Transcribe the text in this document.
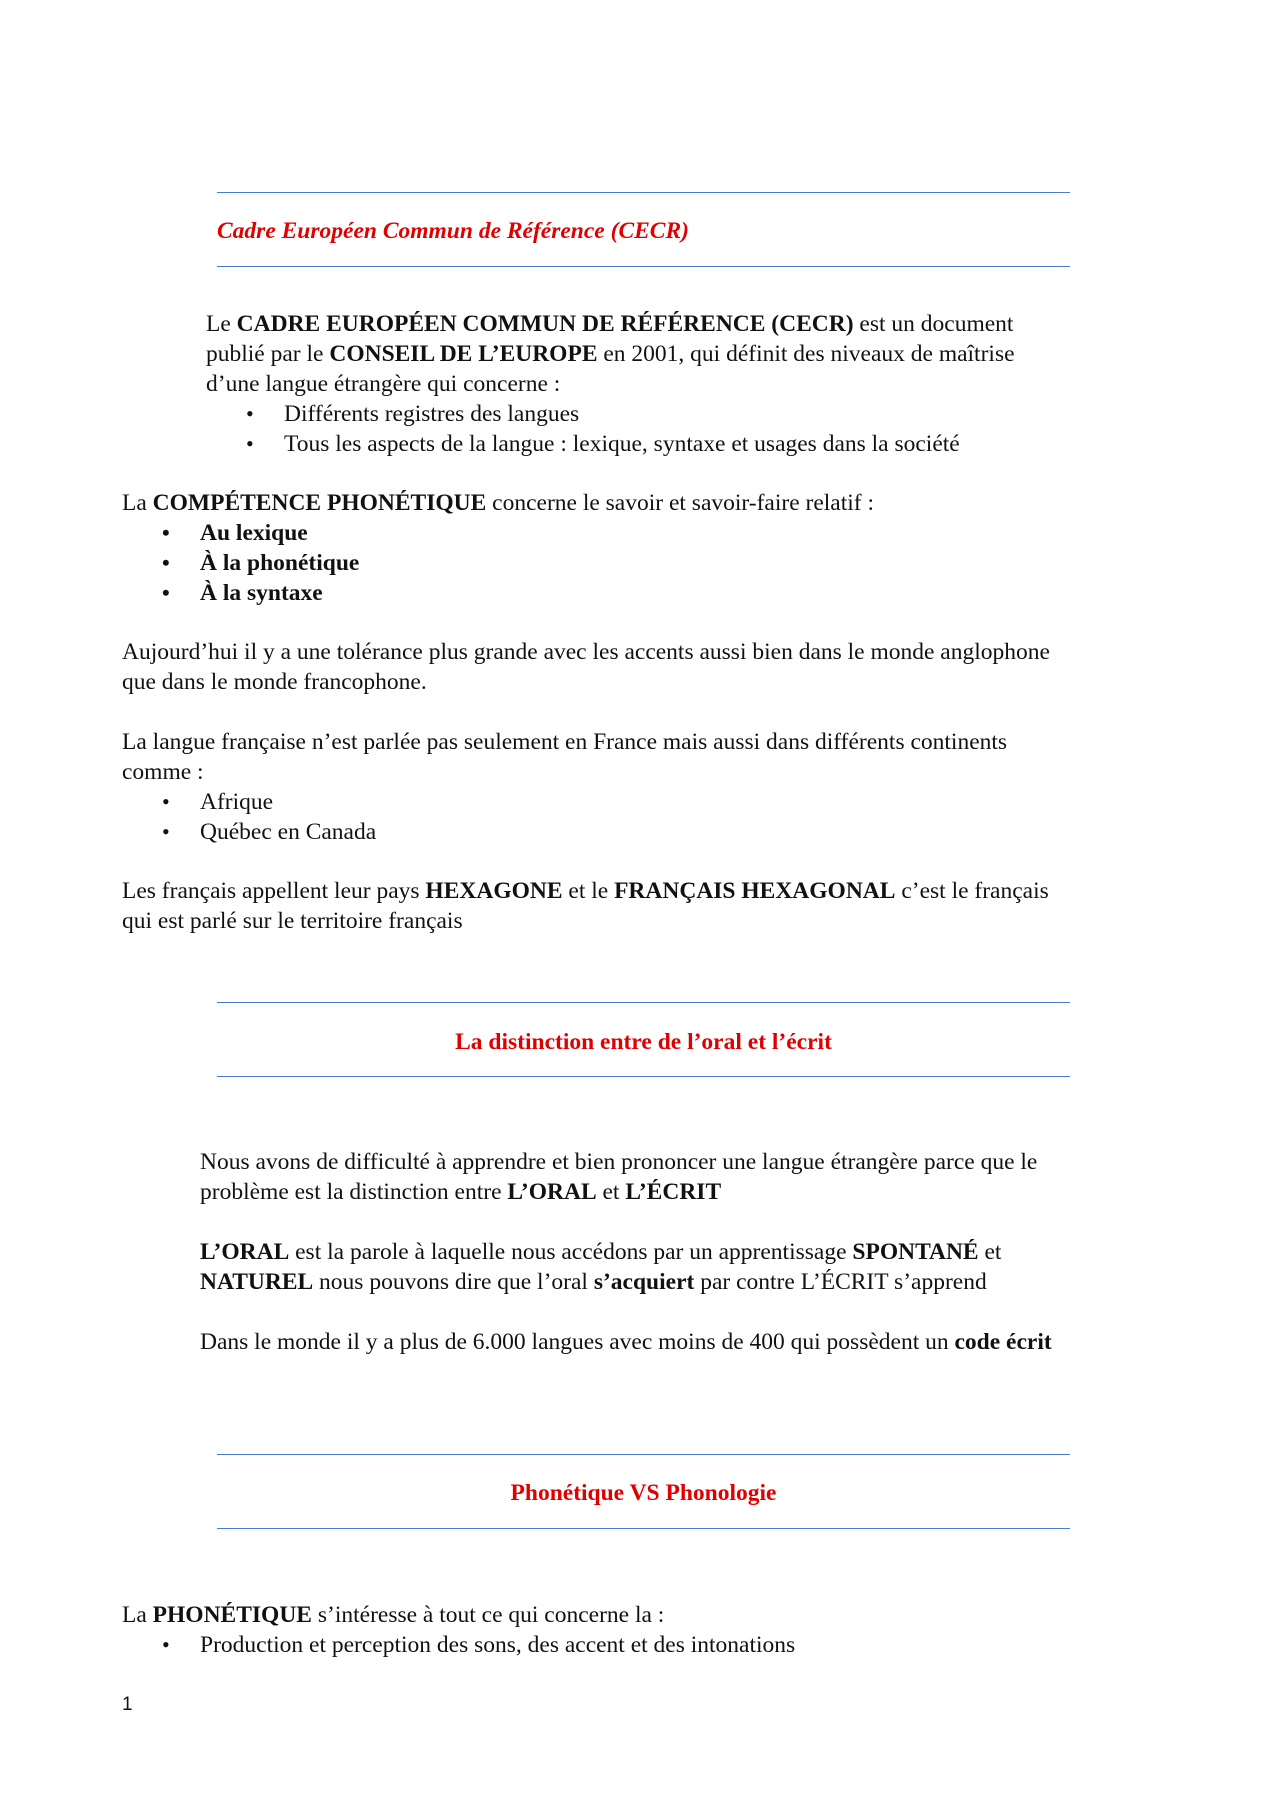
Cadre Européen Commun de Référence (CECR)

Le CADRE EUROPÉEN COMMUN DE RÉFÉRENCE (CECR) est un document

publié par le CONSEIL DE L’EUROPE en 2001, qui définit des niveaux de maîtrise

d’une langue étrangère qui concerne :

• Différents registres des langues
• Tous les aspects de la langue : lexique, syntaxe et usages dans la société

La COMPÉTENCE PHONÉTIQUE concerne le savoir et savoir-faire relatif :

• Au lexique
• À la phonétique
• À la syntaxe

Aujourd’hui il y a une tolérance plus grande avec les accents aussi bien dans le monde anglophone

que dans le monde francophone.

La langue française n’est parlée pas seulement en France mais aussi dans différents continents

comme :

• Afrique
• Québec en Canada

Les français appellent leur pays HEXAGONE et le FRANÇAIS HEXAGONAL c’est le français

qui est parlé sur le territoire français

La distinction entre de l’oral et l’écrit

Nous avons de difficulté à apprendre et bien prononcer une langue étrangère parce que le

problème est la distinction entre L’ORAL et L’ÉCRIT

L’ORAL est la parole à laquelle nous accédons par un apprentissage SPONTANÉ et

NATUREL nous pouvons dire que l’oral s’acquiert par contre L’ÉCRIT s’apprend

Dans le monde il y a plus de 6.000 langues avec moins de 400 qui possèdent un code écrit

Phonétique VS Phonologie

La PHONÉTIQUE s’intéresse à tout ce qui concerne la :

• Production et perception des sons, des accent et des intonations
1
